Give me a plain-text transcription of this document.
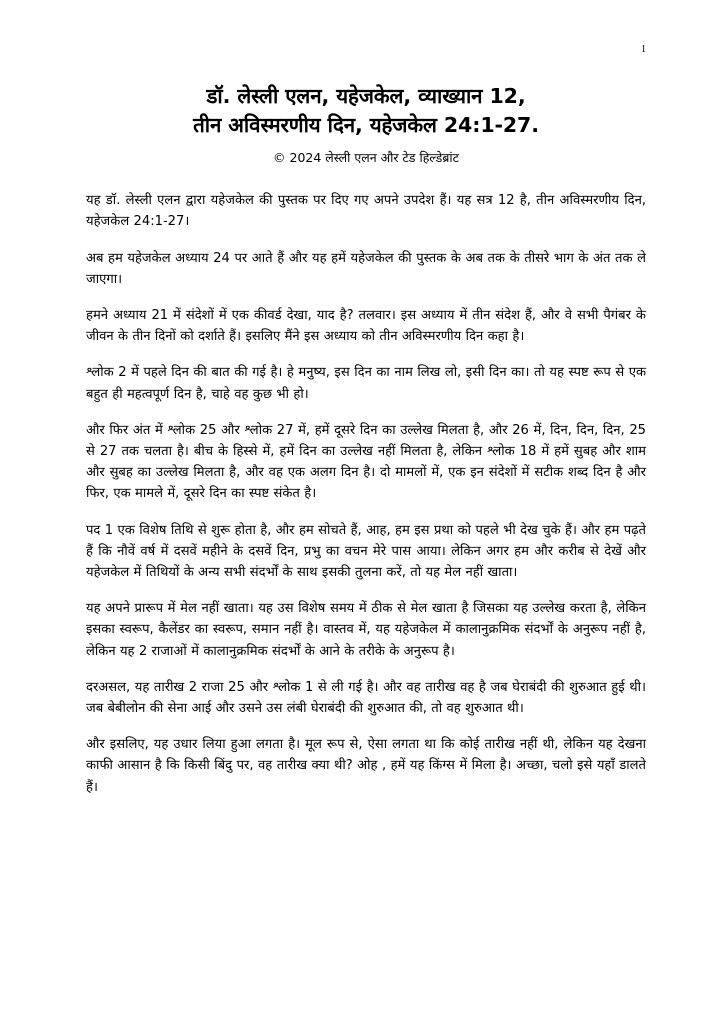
1
डॉ. लेस्ली एलन, यहेजकेल, व्याख्यान 12,
तीन अविस्मरणीय दिन, यहेजकेल 24:1-27.
© 2024 लेस्ली एलन और टेड हिल्डेब्रांट

यह डॉ. लेस्ली एलन द्वारा यहेजकेल की पुस्तक पर दिए गए अपने उपदेश हैं। यह सत्र 12 है, तीन अविस्मरणीय दिन, यहेजकेल 24:1-27।

अब हम यहेजकेल अध्याय 24 पर आते हैं और यह हमें यहेजकेल की पुस्तक के अब तक के तीसरे भाग के अंत तक ले जाएगा।

हमने अध्याय 21 में संदेशों में एक कीवर्ड देखा, याद है? तलवार। इस अध्याय में तीन संदेश हैं, और वे सभी पैगंबर के जीवन के तीन दिनों को दर्शाते हैं। इसलिए मैंने इस अध्याय को तीन अविस्मरणीय दिन कहा है।

श्लोक 2 में पहले दिन की बात की गई है। हे मनुष्य, इस दिन का नाम लिख लो, इसी दिन का। तो यह स्पष्ट रूप से एक बहुत ही महत्वपूर्ण दिन है, चाहे वह कुछ भी हो।

और फिर अंत में श्लोक 25 और श्लोक 27 में, हमें दूसरे दिन का उल्लेख मिलता है, और 26 में, दिन, दिन, दिन, 25 से 27 तक चलता है। बीच के हिस्से में, हमें दिन का उल्लेख नहीं मिलता है, लेकिन श्लोक 18 में हमें सुबह और शाम और सुबह का उल्लेख मिलता है, और वह एक अलग दिन है। दो मामलों में, एक इन संदेशों में सटीक शब्द दिन है और फिर, एक मामले में, दूसरे दिन का स्पष्ट संकेत है।

पद 1 एक विशेष तिथि से शुरू होता है, और हम सोचते हैं, आह, हम इस प्रथा को पहले भी देख चुके हैं। और हम पढ़ते हैं कि नौवें वर्ष में दसवें महीने के दसवें दिन, प्रभु का वचन मेरे पास आया। लेकिन अगर हम और करीब से देखें और यहेजकेल में तिथियों के अन्य सभी संदर्भों के साथ इसकी तुलना करें, तो यह मेल नहीं खाता।

यह अपने प्रारूप में मेल नहीं खाता। यह उस विशेष समय में ठीक से मेल खाता है जिसका यह उल्लेख करता है, लेकिन इसका स्वरूप, कैलेंडर का स्वरूप, समान नहीं है। वास्तव में, यह यहेजकेल में कालानुक्रमिक संदर्भों के अनुरूप नहीं है, लेकिन यह 2 राजाओं में कालानुक्रमिक संदर्भों के आने के तरीके के अनुरूप है।

दरअसल, यह तारीख 2 राजा 25 और श्लोक 1 से ली गई है। और वह तारीख वह है जब घेराबंदी की शुरुआत हुई थी। जब बेबीलोन की सेना आई और उसने उस लंबी घेराबंदी की शुरुआत की, तो वह शुरुआत थी।

और इसलिए, यह उधार लिया हुआ लगता है। मूल रूप से, ऐसा लगता था कि कोई तारीख नहीं थी, लेकिन यह देखना काफी आसान है कि किसी बिंदु पर, वह तारीख क्या थी? ओह , हमें यह किंग्स में मिला है। अच्छा, चलो इसे यहाँ डालते हैं।
